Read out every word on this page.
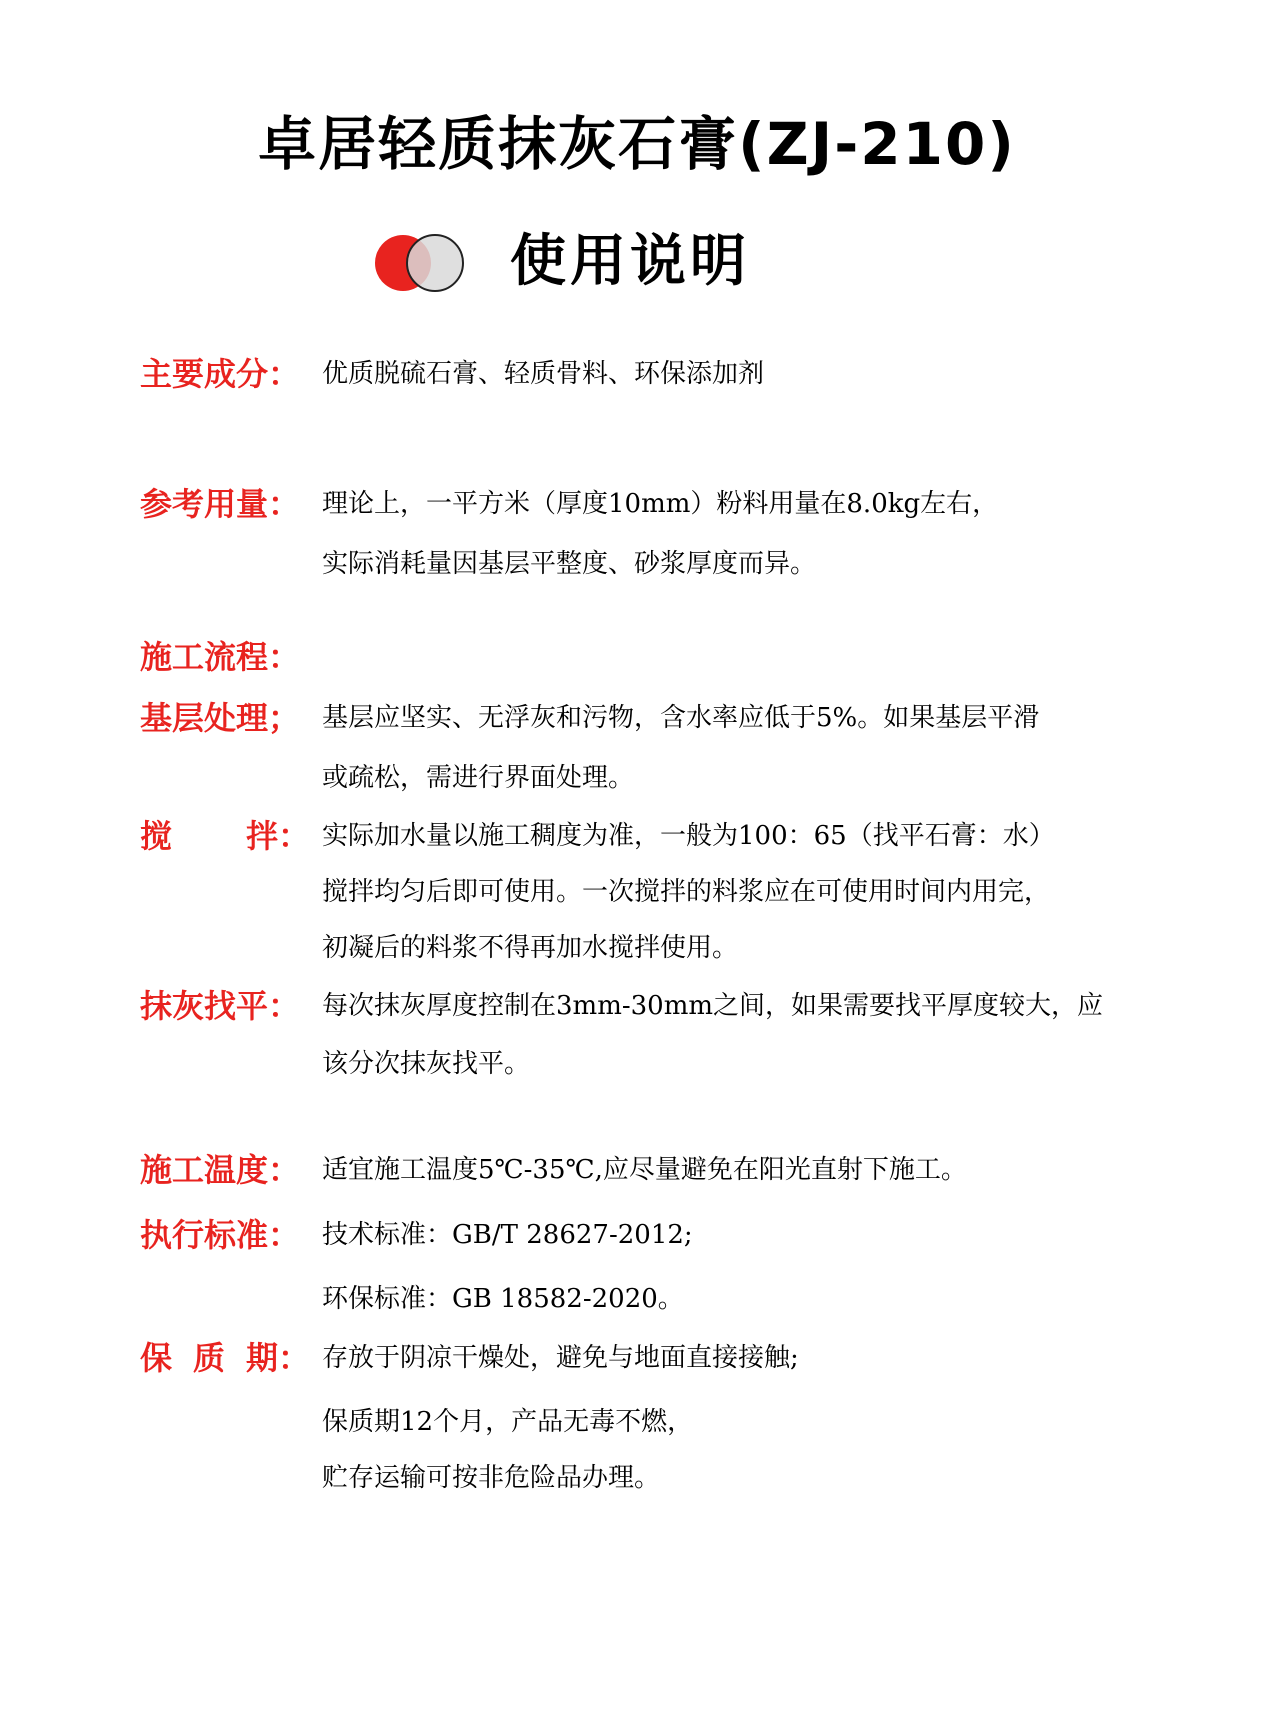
卓居轻质抹灰石膏(ZJ-210)
使用说明
主要成分： 优质脱硫石膏、轻质骨料、环保添加剂
参考用量： 理论上，一平方米（厚度10mm）粉料用量在8.0kg左右，
实际消耗量因基层平整度、砂浆厚度而异。
施工流程：
基层处理； 基层应坚实、无浮灰和污物，含水率应低于5%。如果基层平滑
或疏松，需进行界面处理。
搅 拌： 实际加水量以施工稠度为准，一般为100：65（找平石膏：水）
搅拌均匀后即可使用。一次搅拌的料浆应在可使用时间内用完，
初凝后的料浆不得再加水搅拌使用。
抹灰找平： 每次抹灰厚度控制在3mm-30mm之间，如果需要找平厚度较大，应
该分次抹灰找平。
施工温度： 适宜施工温度5℃-35℃,应尽量避免在阳光直射下施工。
执行标准： 技术标准：GB/T 28627-2012;
环保标准：GB 18582-2020。
保 质 期： 存放于阴凉干燥处，避免与地面直接接触;
保质期12个月，产品无毒不燃，
贮存运输可按非危险品办理。
